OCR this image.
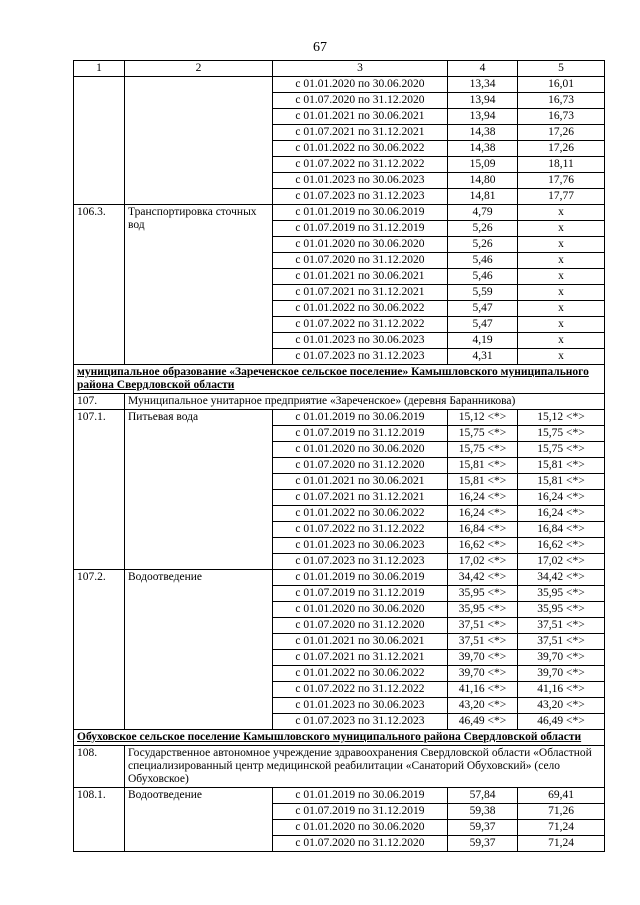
67
1	2	3	4	5
		с 01.01.2020 по 30.06.2020	13,34	16,01
		с 01.07.2020 по 31.12.2020	13,94	16,73
		с 01.01.2021 по 30.06.2021	13,94	16,73
		с 01.07.2021 по 31.12.2021	14,38	17,26
		с 01.01.2022 по 30.06.2022	14,38	17,26
		с 01.07.2022 по 31.12.2022	15,09	18,11
		с 01.01.2023 по 30.06.2023	14,80	17,76
		с 01.07.2023 по 31.12.2023	14,81	17,77
106.3.	Транспортировка сточных вод	с 01.01.2019 по 30.06.2019	4,79	х
		с 01.07.2019 по 31.12.2019	5,26	х
		с 01.01.2020 по 30.06.2020	5,26	х
		с 01.07.2020 по 31.12.2020	5,46	х
		с 01.01.2021 по 30.06.2021	5,46	х
		с 01.07.2021 по 31.12.2021	5,59	х
		с 01.01.2022 по 30.06.2022	5,47	х
		с 01.07.2022 по 31.12.2022	5,47	х
		с 01.01.2023 по 30.06.2023	4,19	х
		с 01.07.2023 по 31.12.2023	4,31	х
муниципальное образование «Зареченское сельское поселение» Камышловского муниципального района Свердловской области				
107.	Муниципальное унитарное предприятие «Зареченское» (деревня Баранникова)			
107.1.	Питьевая вода	с 01.01.2019 по 30.06.2019	15,12 <*>	15,12 <*>
		с 01.07.2019 по 31.12.2019	15,75 <*>	15,75 <*>
		с 01.01.2020 по 30.06.2020	15,75 <*>	15,75 <*>
		с 01.07.2020 по 31.12.2020	15,81 <*>	15,81 <*>
		с 01.01.2021 по 30.06.2021	15,81 <*>	15,81 <*>
		с 01.07.2021 по 31.12.2021	16,24 <*>	16,24 <*>
		с 01.01.2022 по 30.06.2022	16,24 <*>	16,24 <*>
		с 01.07.2022 по 31.12.2022	16,84 <*>	16,84 <*>
		с 01.01.2023 по 30.06.2023	16,62 <*>	16,62 <*>
		с 01.07.2023 по 31.12.2023	17,02 <*>	17,02 <*>
107.2.	Водоотведение	с 01.01.2019 по 30.06.2019	34,42 <*>	34,42 <*>
		с 01.07.2019 по 31.12.2019	35,95 <*>	35,95 <*>
		с 01.01.2020 по 30.06.2020	35,95 <*>	35,95 <*>
		с 01.07.2020 по 31.12.2020	37,51 <*>	37,51 <*>
		с 01.01.2021 по 30.06.2021	37,51 <*>	37,51 <*>
		с 01.07.2021 по 31.12.2021	39,70 <*>	39,70 <*>
		с 01.01.2022 по 30.06.2022	39,70 <*>	39,70 <*>
		с 01.07.2022 по 31.12.2022	41,16 <*>	41,16 <*>
		с 01.01.2023 по 30.06.2023	43,20 <*>	43,20 <*>
		с 01.07.2023 по 31.12.2023	46,49 <*>	46,49 <*>
Обуховское сельское поселение Камышловского муниципального района Свердловской области				
108.	Государственное автономное учреждение здравоохранения Свердловской области «Областной специализированный центр медицинской реабилитации «Санаторий Обуховский» (село Обуховское)			
108.1.	Водоотведение	с 01.01.2019 по 30.06.2019	57,84	69,41
		с 01.07.2019 по 31.12.2019	59,38	71,26
		с 01.01.2020 по 30.06.2020	59,37	71,24
		с 01.07.2020 по 31.12.2020	59,37	71,24
